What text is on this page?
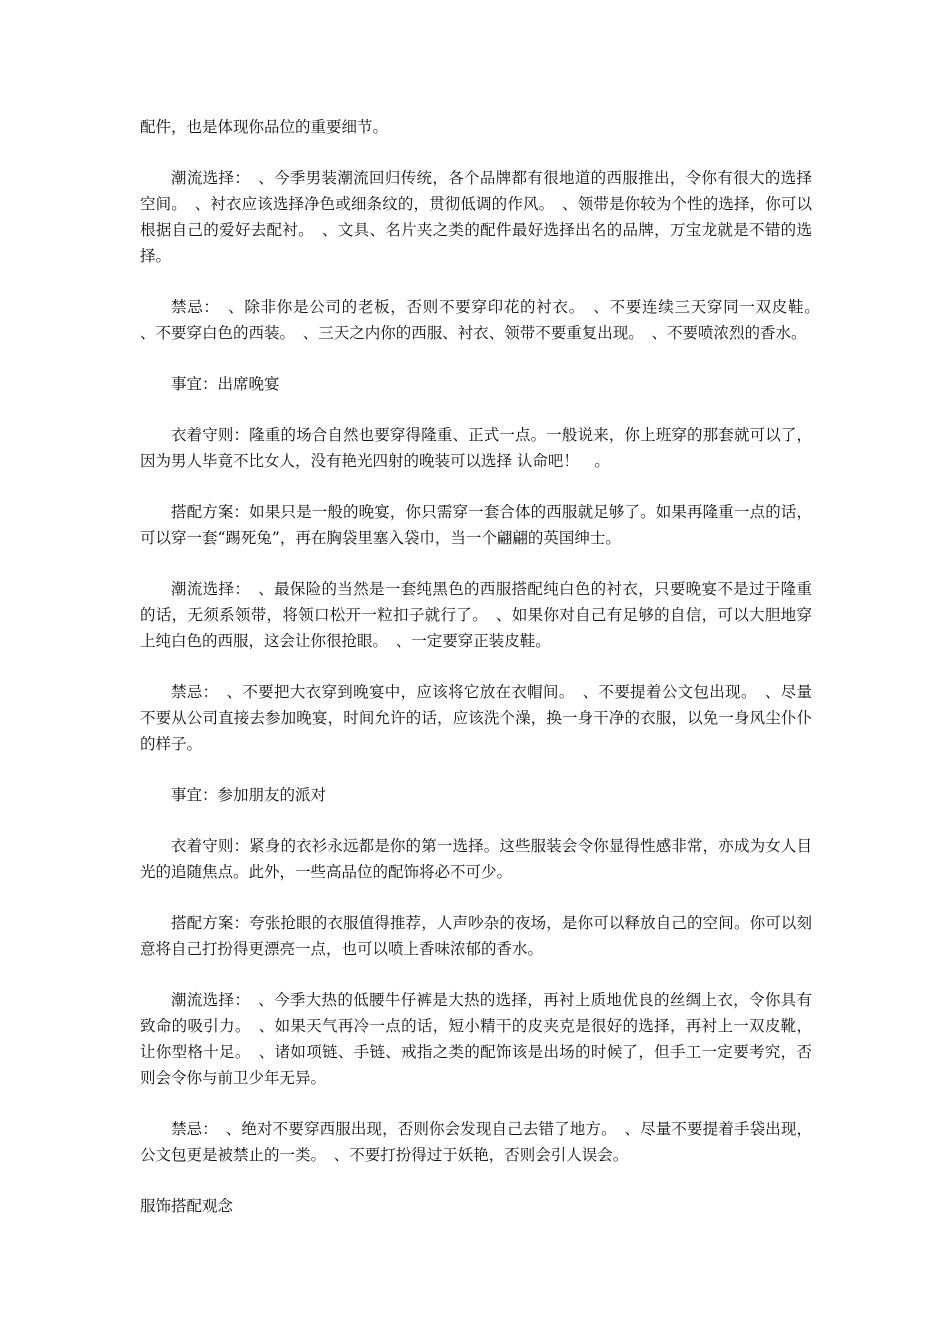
配件，也是体现你品位的重要细节。

潮流选择：　、今季男装潮流回归传统，各个品牌都有很地道的西服推出，令你有很大的选择空间。　、衬衣应该选择净色或细条纹的，贯彻低调的作风。　、领带是你较为个性的选择，你可以根据自己的爱好去配衬。　、文具、名片夹之类的配件最好选择出名的品牌，万宝龙就是不错的选择。

禁忌：　、除非你是公司的老板，否则不要穿印花的衬衣。　、不要连续三天穿同一双皮鞋。　、不要穿白色的西装。　、三天之内你的西服、衬衣、领带不要重复出现。　、不要喷浓烈的香水。

事宜：出席晚宴

衣着守则：隆重的场合自然也要穿得隆重、正式一点。一般说来，你上班穿的那套就可以了，因为男人毕竟不比女人，没有艳光四射的晚装可以选择 认命吧！　。

搭配方案：如果只是一般的晚宴，你只需穿一套合体的西服就足够了。如果再隆重一点的话，可以穿一套“踢死兔”，再在胸袋里塞入袋巾，当一个翩翩的英国绅士。

潮流选择：　、最保险的当然是一套纯黑色的西服搭配纯白色的衬衣，只要晚宴不是过于隆重的话，无须系领带，将领口松开一粒扣子就行了。　、如果你对自己有足够的自信，可以大胆地穿上纯白色的西服，这会让你很抢眼。　、一定要穿正装皮鞋。

禁忌：　、不要把大衣穿到晚宴中，应该将它放在衣帽间。　、不要提着公文包出现。　、尽量不要从公司直接去参加晚宴，时间允许的话，应该洗个澡，换一身干净的衣服，以免一身风尘仆仆的样子。

事宜：参加朋友的派对

衣着守则：紧身的衣衫永远都是你的第一选择。这些服装会令你显得性感非常，亦成为女人目光的追随焦点。此外，一些高品位的配饰将必不可少。

搭配方案：夸张抢眼的衣服值得推荐，人声吵杂的夜场，是你可以释放自己的空间。你可以刻意将自己打扮得更漂亮一点，也可以喷上香味浓郁的香水。

潮流选择：　、今季大热的低腰牛仔裤是大热的选择，再衬上质地优良的丝绸上衣，令你具有致命的吸引力。　、如果天气再冷一点的话，短小精干的皮夹克是很好的选择，再衬上一双皮靴，让你型格十足。　、诸如项链、手链、戒指之类的配饰该是出场的时候了，但手工一定要考究，否则会令你与前卫少年无异。

禁忌：　、绝对不要穿西服出现，否则你会发现自己去错了地方。　、尽量不要提着手袋出现，公文包更是被禁止的一类。　、不要打扮得过于妖艳，否则会引人误会。

服饰搭配观念
